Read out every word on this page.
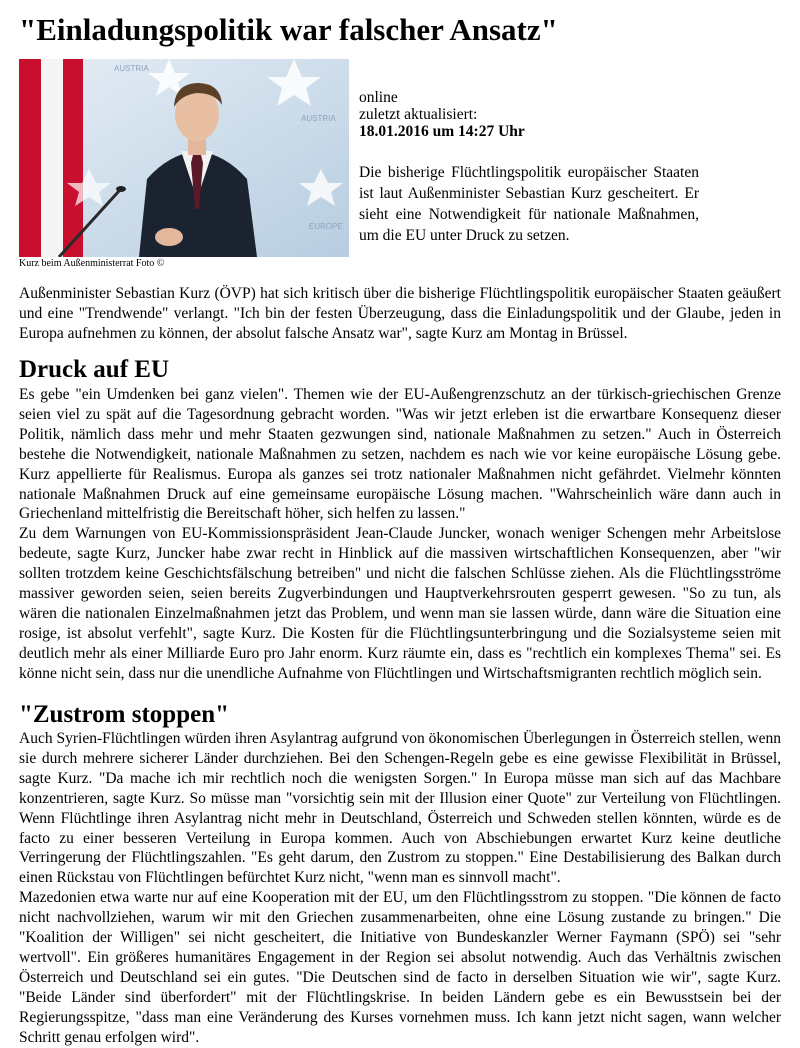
"Einladungspolitik war falscher Ansatz"
AUSTRIA
AUSTRIA
EUROPE
Kurz beim Außenministerrat Foto ©
online
zuletzt aktualisiert:
18.01.2016 um 14:27 Uhr
Die bisherige Flüchtlingspolitik europäischer Staaten ist laut Außenminister Sebastian Kurz gescheitert. Er sieht eine Notwendigkeit für nationale Maßnahmen, um die EU unter Druck zu setzen.

Außenminister Sebastian Kurz (ÖVP) hat sich kritisch über die bisherige Flüchtlingspolitik europäischer Staaten geäußert und eine "Trendwende" verlangt. "Ich bin der festen Überzeugung, dass die Einladungspolitik und der Glaube, jeden in Europa aufnehmen zu können, der absolut falsche Ansatz war", sagte Kurz am Montag in Brüssel.

Druck auf EU

Es gebe "ein Umdenken bei ganz vielen". Themen wie der EU-Außengrenzschutz an der türkisch-griechischen Grenze seien viel zu spät auf die Tagesordnung gebracht worden. "Was wir jetzt erleben ist die erwartbare Konsequenz dieser Politik, nämlich dass mehr und mehr Staaten gezwungen sind, nationale Maßnahmen zu setzen." Auch in Österreich bestehe die Notwendigkeit, nationale Maßnahmen zu setzen, nachdem es nach wie vor keine europäische Lösung gebe. Kurz appellierte für Realismus. Europa als ganzes sei trotz nationaler Maßnahmen nicht gefährdet. Vielmehr könnten nationale Maßnahmen Druck auf eine gemeinsame europäische Lösung machen. "Wahrscheinlich wäre dann auch in Griechenland mittelfristig die Bereitschaft höher, sich helfen zu lassen."

Zu dem Warnungen von EU-Kommissionspräsident Jean-Claude Juncker, wonach weniger Schengen mehr Arbeitslose bedeute, sagte Kurz, Juncker habe zwar recht in Hinblick auf die massiven wirtschaftlichen Konsequenzen, aber "wir sollten trotzdem keine Geschichtsfälschung betreiben" und nicht die falschen Schlüsse ziehen. Als die Flüchtlingsströme massiver geworden seien, seien bereits Zugverbindungen und Hauptverkehrsrouten gesperrt gewesen. "So zu tun, als wären die nationalen Einzelmaßnahmen jetzt das Problem, und wenn man sie lassen würde, dann wäre die Situation eine rosige, ist absolut verfehlt", sagte Kurz. Die Kosten für die Flüchtlingsunterbringung und die Sozialsysteme seien mit deutlich mehr als einer Milliarde Euro pro Jahr enorm. Kurz räumte ein, dass es "rechtlich ein komplexes Thema" sei. Es könne nicht sein, dass nur die unendliche Aufnahme von Flüchtlingen und Wirtschaftsmigranten rechtlich möglich sein.

"Zustrom stoppen"

Auch Syrien-Flüchtlingen würden ihren Asylantrag aufgrund von ökonomischen Überlegungen in Österreich stellen, wenn sie durch mehrere sicherer Länder durchziehen. Bei den Schengen-Regeln gebe es eine gewisse Flexibilität in Brüssel, sagte Kurz. "Da mache ich mir rechtlich noch die wenigsten Sorgen." In Europa müsse man sich auf das Machbare konzentrieren, sagte Kurz. So müsse man "vorsichtig sein mit der Illusion einer Quote" zur Verteilung von Flüchtlingen. Wenn Flüchtlinge ihren Asylantrag nicht mehr in Deutschland, Österreich und Schweden stellen könnten, würde es de facto zu einer besseren Verteilung in Europa kommen. Auch von Abschiebungen erwartet Kurz keine deutliche Verringerung der Flüchtlingszahlen. "Es geht darum, den Zustrom zu stoppen." Eine Destabilisierung des Balkan durch einen Rückstau von Flüchtlingen befürchtet Kurz nicht, "wenn man es sinnvoll macht".

Mazedonien etwa warte nur auf eine Kooperation mit der EU, um den Flüchtlingsstrom zu stoppen. "Die können de facto nicht nachvollziehen, warum wir mit den Griechen zusammenarbeiten, ohne eine Lösung zustande zu bringen." Die "Koalition der Willigen" sei nicht gescheitert, die Initiative von Bundeskanzler Werner Faymann (SPÖ) sei "sehr wertvoll". Ein größeres humanitäres Engagement in der Region sei absolut notwendig. Auch das Verhältnis zwischen Österreich und Deutschland sei ein gutes. "Die Deutschen sind de facto in derselben Situation wie wir", sagte Kurz. "Beide Länder sind überfordert" mit der Flüchtlingskrise. In beiden Ländern gebe es ein Bewusstsein bei der Regierungsspitze, "dass man eine Veränderung des Kurses vornehmen muss. Ich kann jetzt nicht sagen, wann welcher Schritt genau erfolgen wird".
